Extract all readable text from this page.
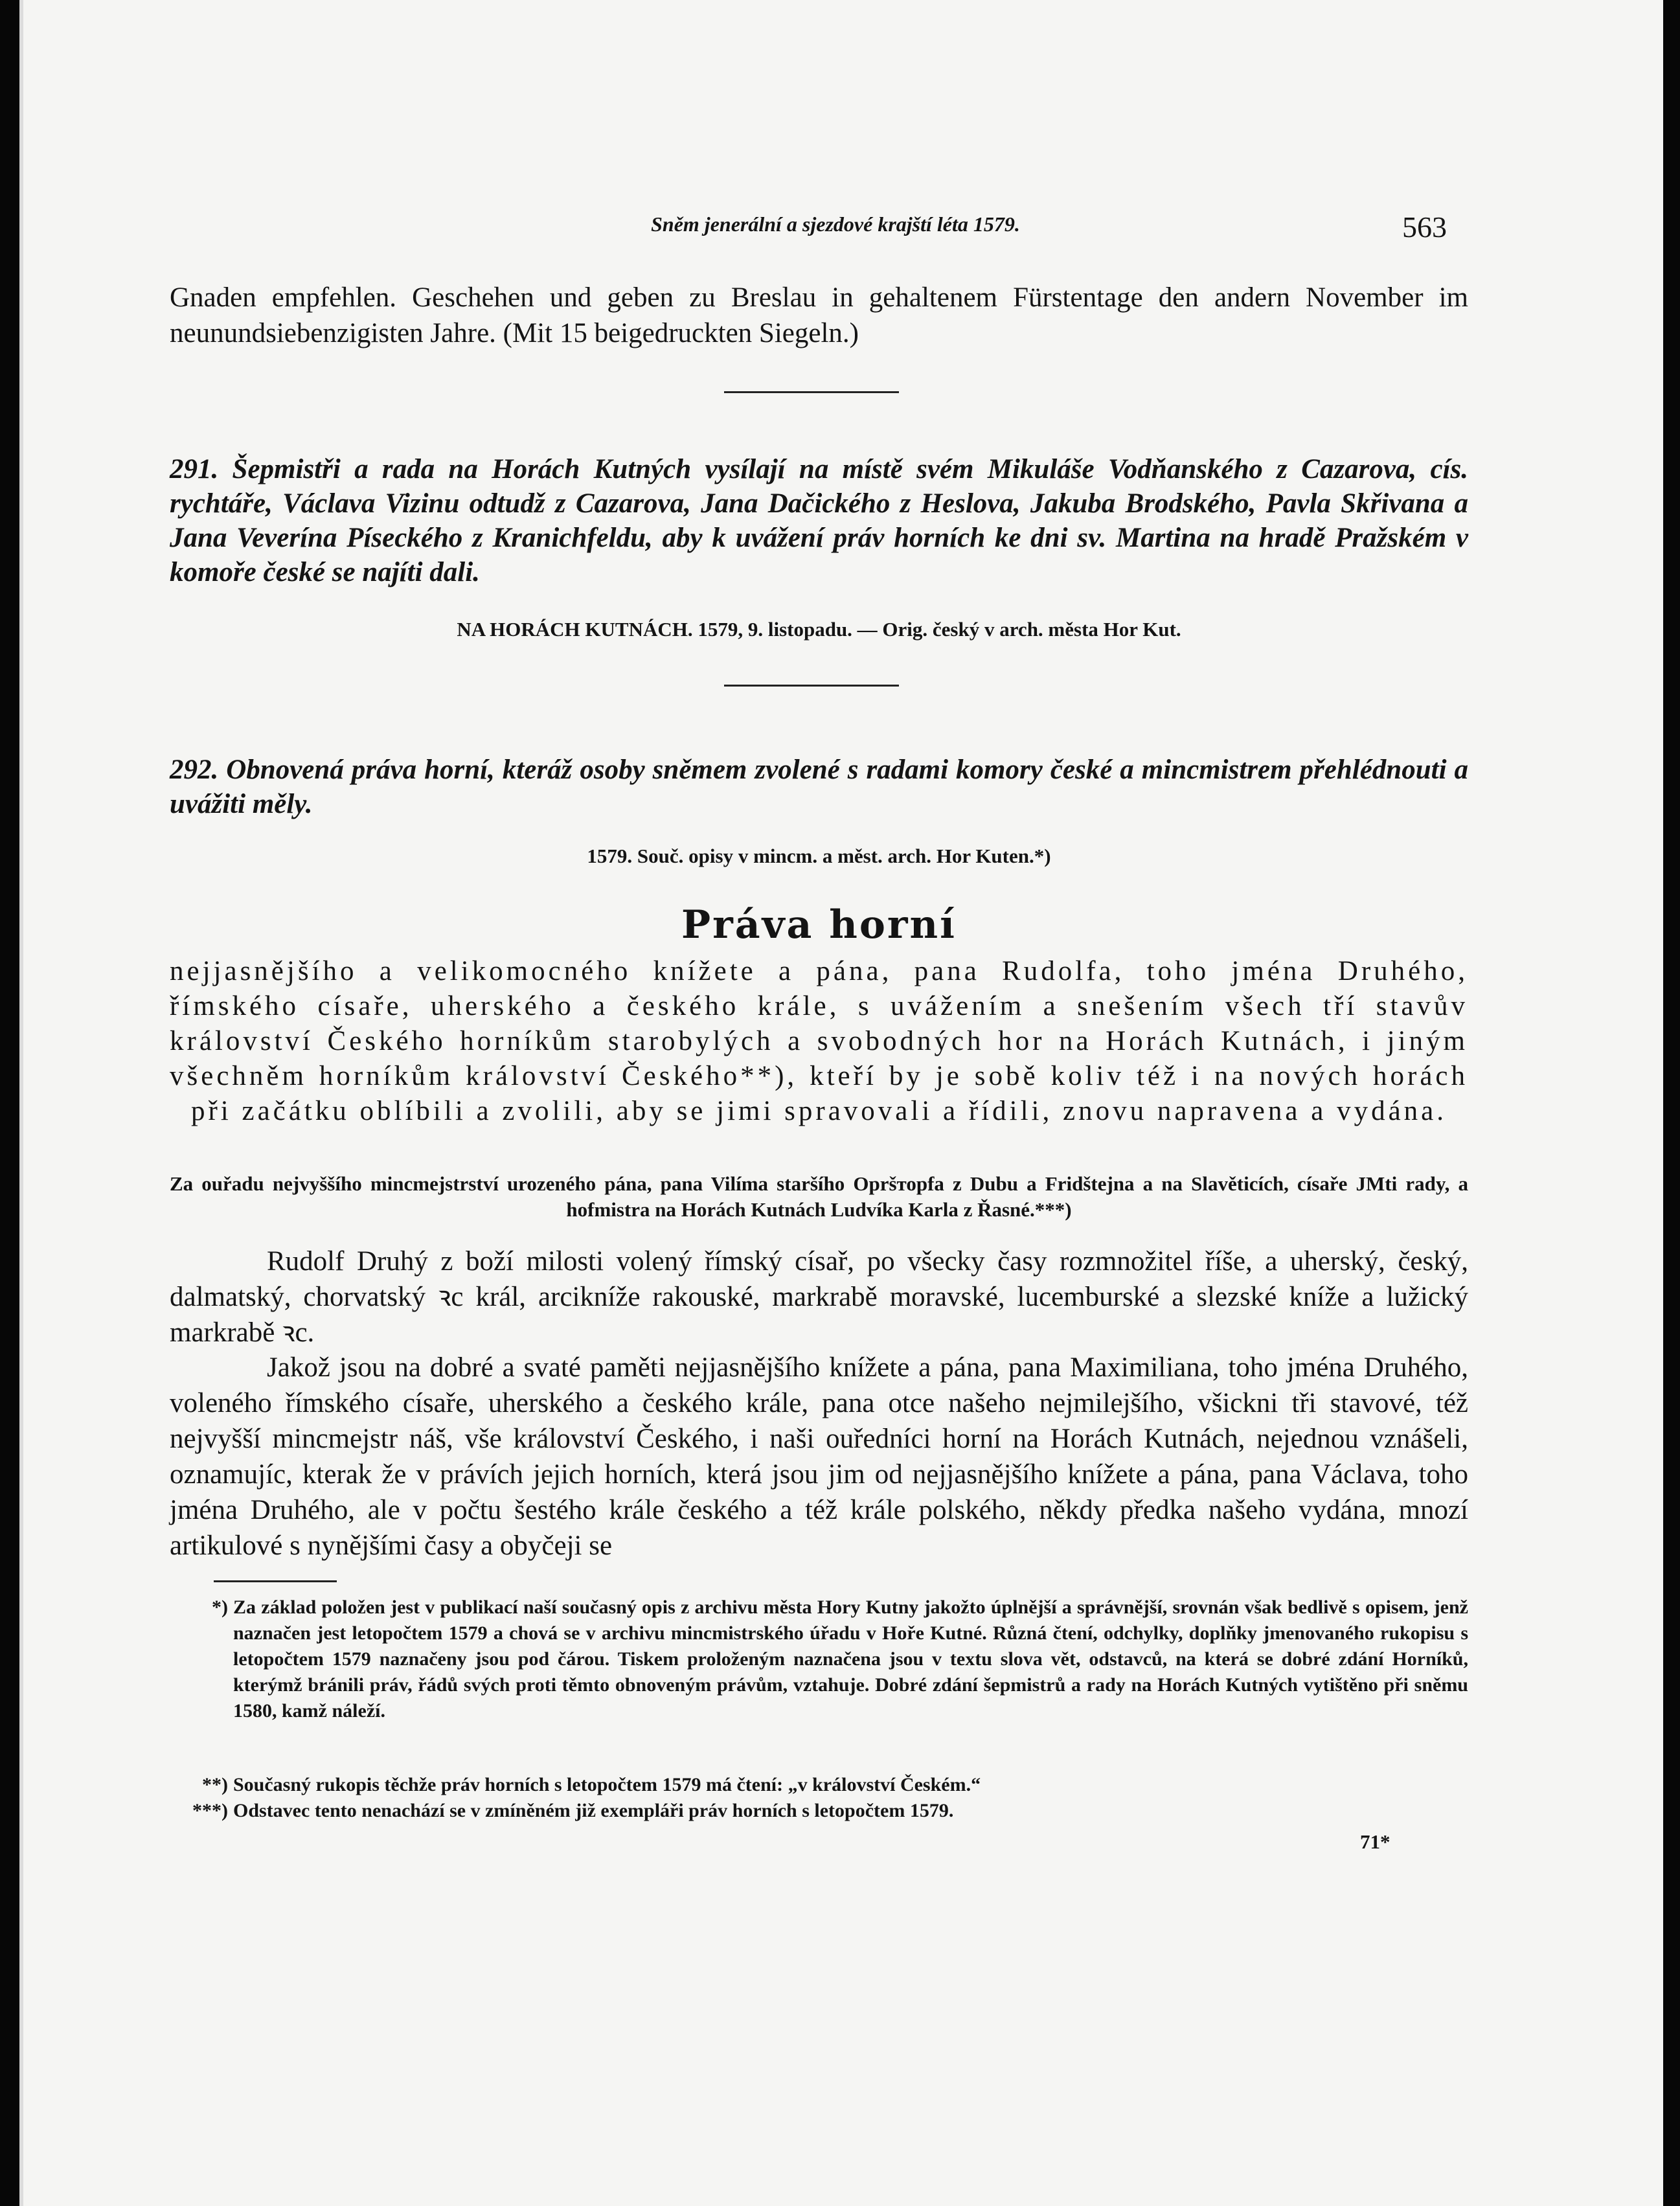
Sněm jenerální a sjezdové krajští léta 1579.	563
Gnaden empfehlen. Geschehen und geben zu Breslau in gehaltenem Fürstentage den andern November im neunundsiebenzigisten Jahre. (Mit 15 beigedruckten Siegeln.)
291. Šepmistři a rada na Horách Kutných vysílají na místě svém Mikuláše Vodňanského z Cazarova, cís. rychtáře, Václava Vizinu odtudž z Cazarova, Jana Dačického z Heslova, Jakuba Brodského, Pavla Skřivana a Jana Veverína Píseckého z Kranichfeldu, aby k uvážení práv horních ke dni sv. Martina na hradě Pražském v komoře české se najíti dali.
NA HORÁCH KUTNÁCH. 1579, 9. listopadu. — Orig. český v arch. města Hor Kut.
292. Obnovená práva horní, kteráž osoby sněmem zvolené s radami komory české a mincmistrem přehlédnouti a uvážiti měly.
1579. Souč. opisy v mincm. a měst. arch. Hor Kuten.*)
Práva horní
nejjasnějšího a velikomocného knížete a pána, pana Rudolfa, toho jména Druhého, římského císaře, uherského a českého krále, s uvážením a snešením všech tří stavův království Českého horníkům starobylých a svobodných hor na Horách Kutnách, i jiným všechněm horníkům království Českého**), kteří by je sobě koliv též i na nových horách při začátku oblíbili a zvolili, aby se jimi spravovali a řídili, znovu napravena a vydána.
Za ouřadu nejvyššího mincmejstrství urozeného pána, pana Vilíma staršího Opršторfa z Dubu a Fridštejna a na Slavěticích, císaře JMti rady, a hofmistra na Horách Kutnách Ludvíka Karla z Řasné.***)
Rudolf Druhý z boží milosti volený římský císař, po všecky časy rozmnožitel říše, a uherský, český, dalmatský, chorvatský ꝛc král, arcikníže rakouské, markrabě moravské, lucemburské a slezské kníže a lužický markrabě ꝛc.
Jakož jsou na dobré a svaté paměti nejjasnějšího knížete a pána, pana Maximiliana, toho jména Druhého, voleného římského císaře, uherského a českého krále, pana otce našeho nejmilejšího, všickni tři stavové, též nejvyšší mincmejstr náš, vše království Českého, i naši ouředníci horní na Horách Kutnách, nejednou vznášeli, oznamujíc, kterak že v právích jejich horních, která jsou jim od nejjasnějšího knížete a pána, pana Václava, toho jména Druhého, ale v počtu šestého krále českého a též krále polského, někdy předka našeho vydána, mnozí artikulové s nynějšími časy a obyčeji se
*) Za základ položen jest v publikací naší současný opis z archivu města Hory Kutny jakožto úplnější a správnější, srovnán však bedlivě s opisem, jenž naznačen jest letopočtem 1579 a chová se v archivu mincmistrského úřadu v Hoře Kutné. Různá čtení, odchylky, doplňky jmenovaného rukopisu s letopočtem 1579 naznačeny jsou pod čárou. Tiskem proloženým naznačena jsou v textu slova vět, odstavců, na která se dobré zdání Horníků, kterýmž bránili práv, řádů svých proti těmto obnoveným právům, vztahuje. Dobré zdání šepmistrů a rady na Horách Kutných vytištěno při sněmu 1580, kamž náleží.
**) Současný rukopis těchže práv horních s letopočtem 1579 má čtení: „v království Českém.“
***) Odstavec tento nenachází se v zmíněném již exempláři práv horních s letopočtem 1579.
71*
